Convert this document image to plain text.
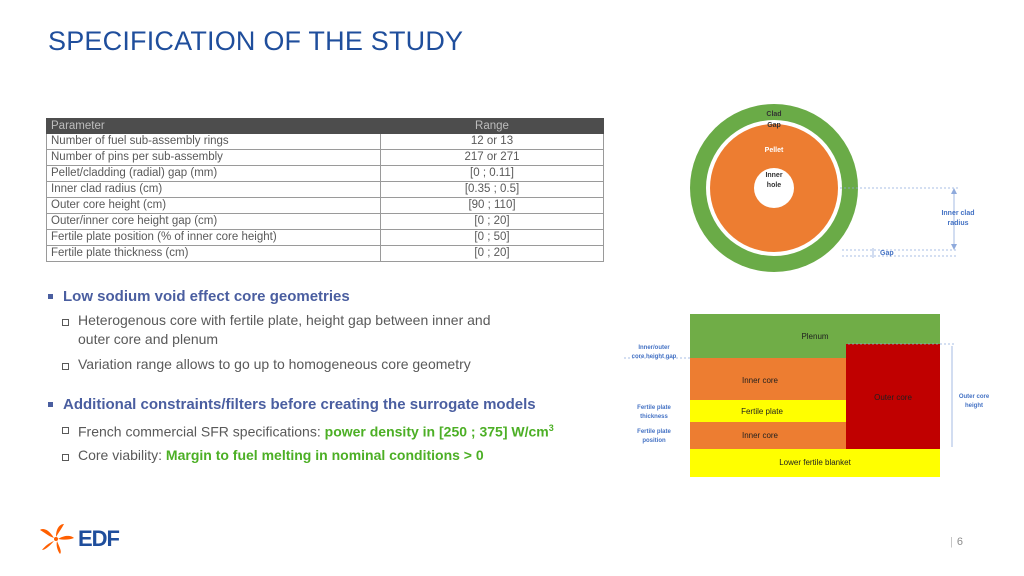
SPECIFICATION OF THE STUDY
Parameter	Range
Number of fuel sub-assembly rings	12 or 13
Number of pins per sub-assembly	217 or 271
Pellet/cladding (radial) gap (mm)	[0 ; 0.11]
Inner clad radius (cm)	[0.35 ; 0.5]
Outer core height (cm)	[90 ; 110]
Outer/inner core height gap (cm)	[0 ; 20]
Fertile plate position (% of inner core height)	[0 ; 50]
Fertile plate thickness (cm)	[0 ; 20]
Low sodium void effect core geometries
Heterogenous core with fertile plate, height gap between inner and outer core and plenum
Variation range allows to go up to homogeneous core geometry
Additional constraints/filters before creating the surrogate models
French commercial SFR specifications: power density in [250 ; 375] $W/cm^3$
Core viability: Margin to fuel melting in nominal conditions > 0
Clad
Gap
Pellet
Inner
hole
Inner clad
radius
Gap
Plenum
Inner core
Fertile plate
Inner core
Outer core
Lower fertile blanket
Inner/outer
core height gap
Fertile plate
thickness
Fertile plate
position
Outer core
height
EDF	| 6
